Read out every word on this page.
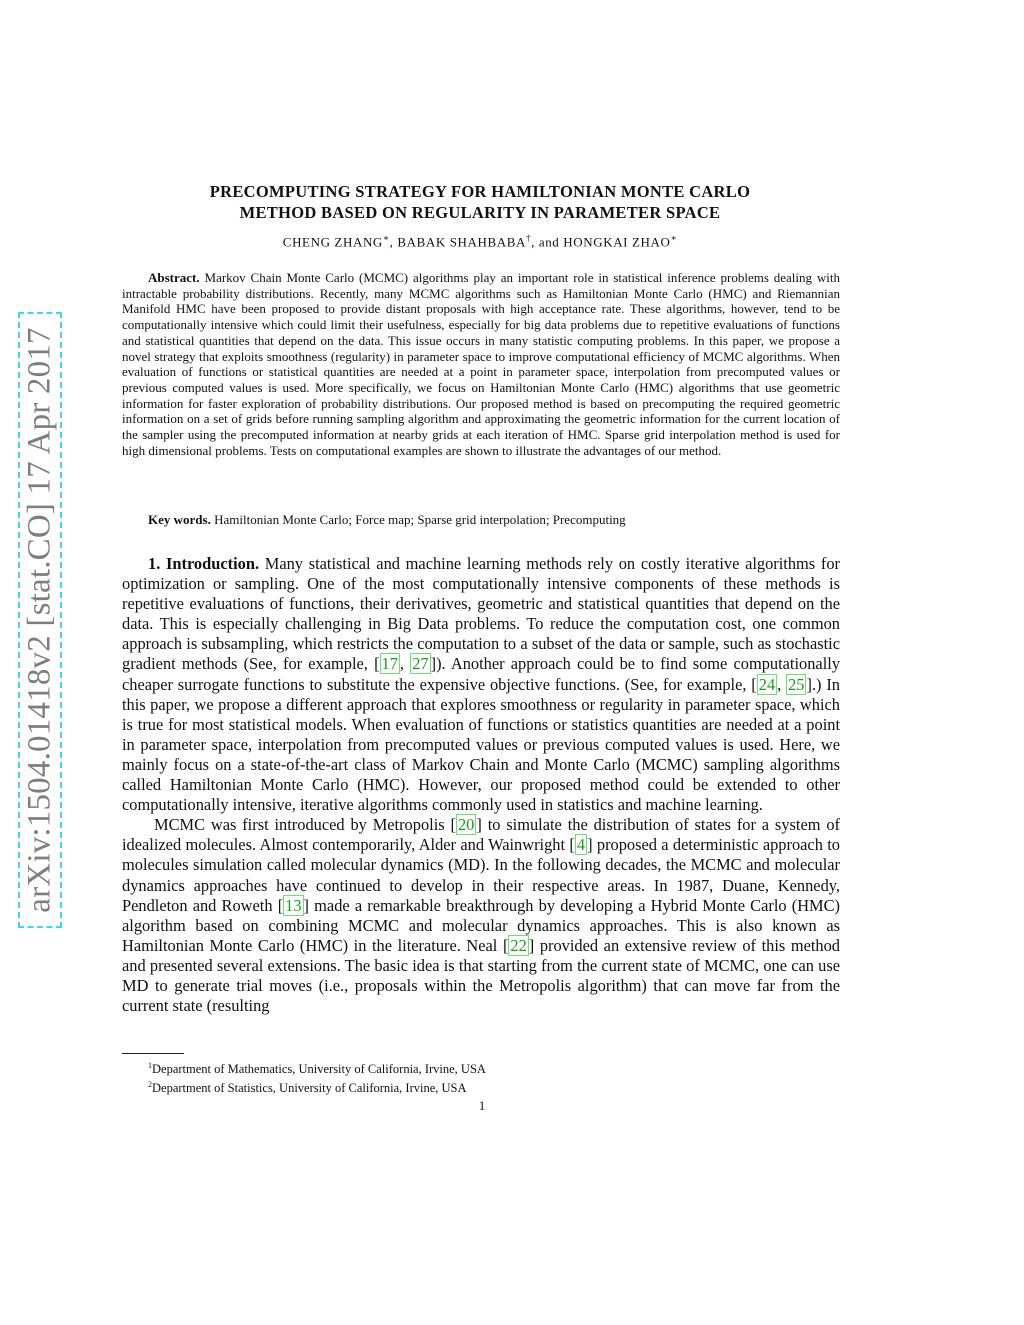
arXiv:1504.01418v2 [stat.CO] 17 Apr 2017
PRECOMPUTING STRATEGY FOR HAMILTONIAN MONTE CARLO
METHOD BASED ON REGULARITY IN PARAMETER SPACE
CHENG ZHANG∗, BABAK SHAHBABA†, and HONGKAI ZHAO∗
Abstract. Markov Chain Monte Carlo (MCMC) algorithms play an important role in statistical inference problems dealing with intractable probability distributions. Recently, many MCMC algorithms such as Hamiltonian Monte Carlo (HMC) and Riemannian Manifold HMC have been proposed to provide distant proposals with high acceptance rate. These algorithms, however, tend to be computationally intensive which could limit their usefulness, especially for big data problems due to repetitive evaluations of functions and statistical quantities that depend on the data. This issue occurs in many statistic computing problems. In this paper, we propose a novel strategy that exploits smoothness (regularity) in parameter space to improve computational efficiency of MCMC algorithms. When evaluation of functions or statistical quantities are needed at a point in parameter space, interpolation from precomputed values or previous computed values is used. More specifically, we focus on Hamiltonian Monte Carlo (HMC) algorithms that use geometric information for faster exploration of probability distributions. Our proposed method is based on precomputing the required geometric information on a set of grids before running sampling algorithm and approximating the geometric information for the current location of the sampler using the precomputed information at nearby grids at each iteration of HMC. Sparse grid interpolation method is used for high dimensional problems. Tests on computational examples are shown to illustrate the advantages of our method.
Key words. Hamiltonian Monte Carlo; Force map; Sparse grid interpolation; Precomputing

1. Introduction. Many statistical and machine learning methods rely on costly iterative algorithms for optimization or sampling. One of the most computationally intensive components of these methods is repetitive evaluations of functions, their derivatives, geometric and statistical quantities that depend on the data. This is especially challenging in Big Data problems. To reduce the computation cost, one common approach is subsampling, which restricts the computation to a subset of the data or sample, such as stochastic gradient methods (See, for example, [ 17 , 27 ]). Another approach could be to find some computationally cheaper surrogate functions to substitute the expensive objective functions. (See, for example, [ 24 , 25 ].) In this paper, we propose a different approach that explores smoothness or regularity in parameter space, which is true for most statistical models. When evaluation of functions or statistics quantities are needed at a point in parameter space, interpolation from precomputed values or previous computed values is used. Here, we mainly focus on a state-of-the-art class of Markov Chain and Monte Carlo (MCMC) sampling algorithms called Hamiltonian Monte Carlo (HMC). However, our proposed method could be extended to other computationally intensive, iterative algorithms commonly used in statistics and machine learning.

MCMC was first introduced by Metropolis [ 20 ] to simulate the distribution of states for a system of idealized molecules. Almost contemporarily, Alder and Wainwright [ 4 ] proposed a deterministic approach to molecules simulation called molecular dynamics (MD). In the following decades, the MCMC and molecular dynamics approaches have continued to develop in their respective areas. In 1987, Duane, Kennedy, Pendleton and Roweth [ 13 ] made a remarkable breakthrough by developing a Hybrid Monte Carlo (HMC) algorithm based on combining MCMC and molecular dynamics approaches. This is also known as Hamiltonian Monte Carlo (HMC) in the literature. Neal [ 22 ] provided an extensive review of this method and presented several extensions. The basic idea is that starting from the current state of MCMC, one can use MD to generate trial moves (i.e., proposals within the Metropolis algorithm) that can move far from the current state (resulting

$^1$Department of Mathematics, University of California, Irvine, USA
$^2$Department of Statistics, University of California, Irvine, USA
1
